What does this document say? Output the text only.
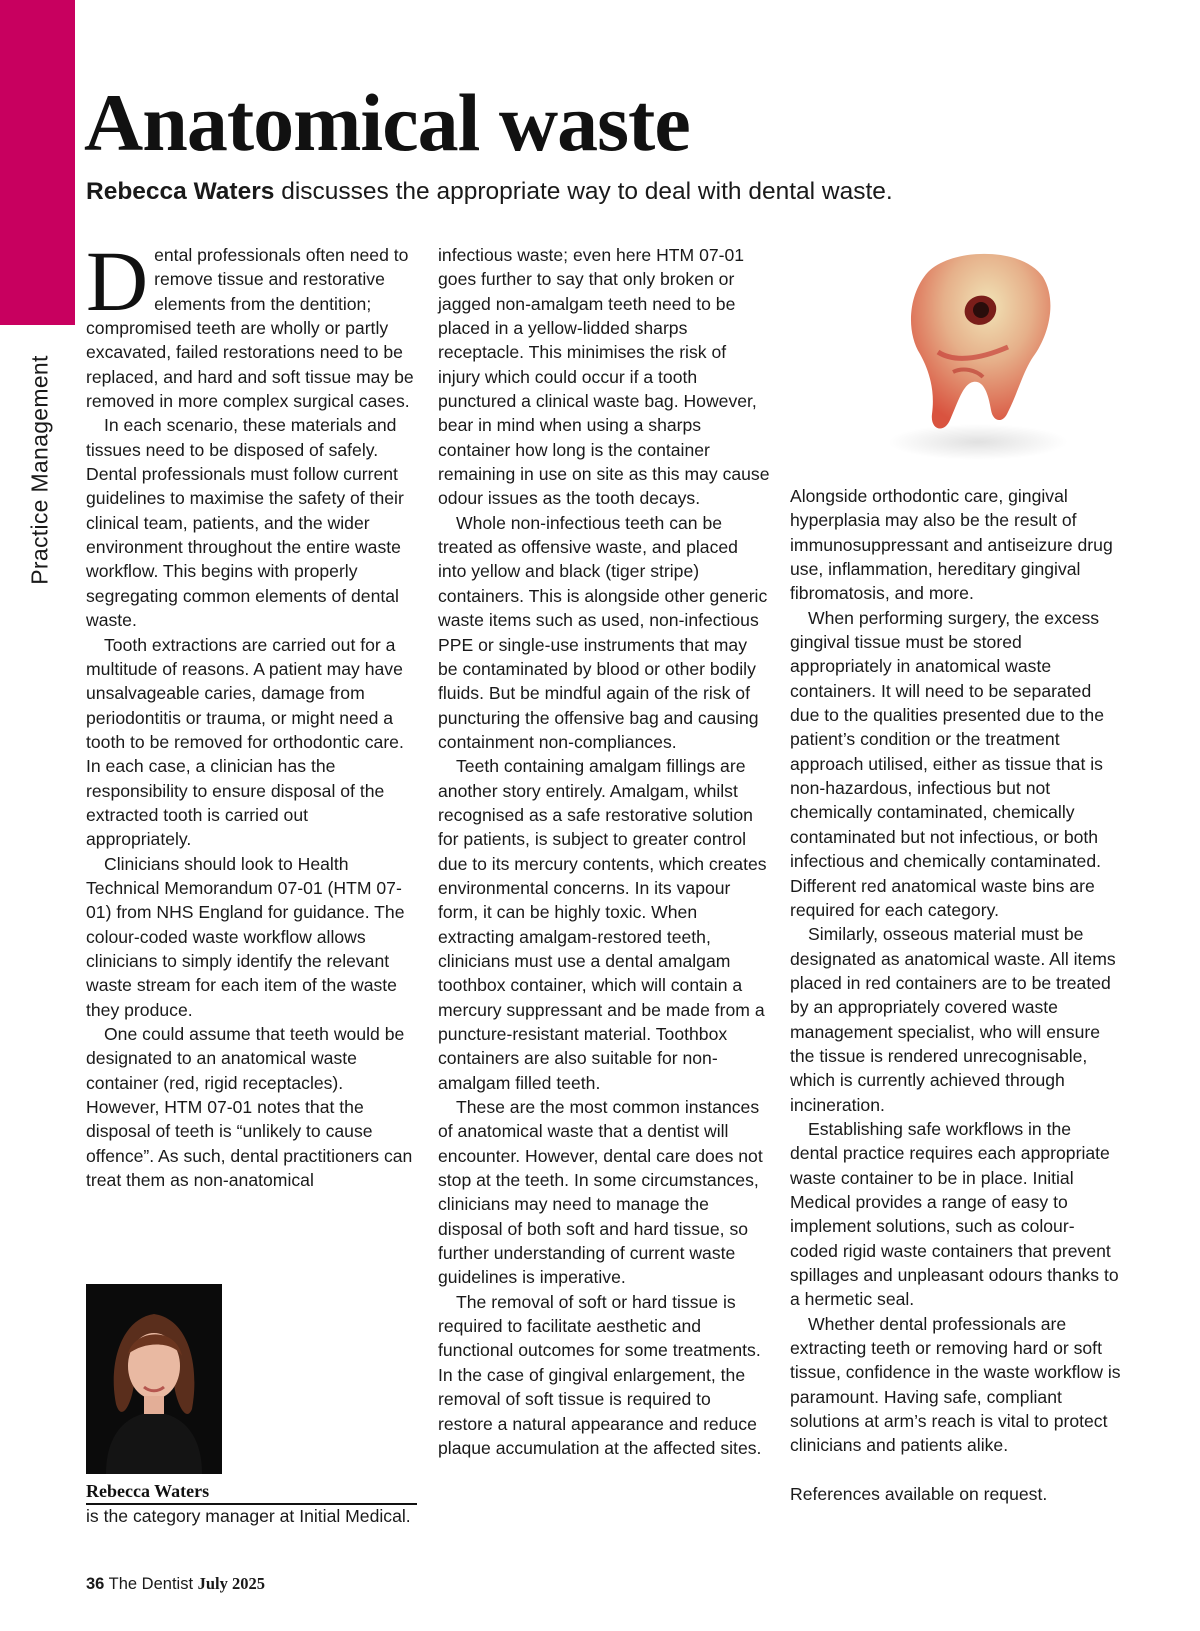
Practice Management
Anatomical waste

Rebecca Waters discusses the appropriate way to deal with dental waste.

Dental professionals often need to remove tissue and restorative elements from the dentition; compromised teeth are wholly or partly excavated, failed restorations need to be replaced, and hard and soft tissue may be removed in more complex surgical cases.

In each scenario, these materials and tissues need to be disposed of safely. Dental professionals must follow current guidelines to maximise the safety of their clinical team, patients, and the wider environment throughout the entire waste workflow. This begins with properly segregating common elements of dental waste.

Tooth extractions are carried out for a multitude of reasons. A patient may have unsalvageable caries, damage from periodontitis or trauma, or might need a tooth to be removed for orthodontic care. In each case, a clinician has the responsibility to ensure disposal of the extracted tooth is carried out appropriately.

Clinicians should look to Health Technical Memorandum 07-01 (HTM 07-01) from NHS England for guidance. The colour-coded waste workflow allows clinicians to simply identify the relevant waste stream for each item of the waste they produce.

One could assume that teeth would be designated to an anatomical waste container (red, rigid receptacles). However, HTM 07-01 notes that the disposal of teeth is “unlikely to cause offence”. As such, dental practitioners can treat them as non-anatomical

infectious waste; even here HTM 07-01 goes further to say that only broken or jagged non-amalgam teeth need to be placed in a yellow-lidded sharps receptacle. This minimises the risk of injury which could occur if a tooth punctured a clinical waste bag. However, bear in mind when using a sharps container how long is the container remaining in use on site as this may cause odour issues as the tooth decays.

Whole non-infectious teeth can be treated as offensive waste, and placed into yellow and black (tiger stripe) containers. This is alongside other generic waste items such as used, non-infectious PPE or single-use instruments that may be contaminated by blood or other bodily fluids. But be mindful again of the risk of puncturing the offensive bag and causing containment non-compliances.

Teeth containing amalgam fillings are another story entirely. Amalgam, whilst recognised as a safe restorative solution for patients, is subject to greater control due to its mercury contents, which creates environmental concerns. In its vapour form, it can be highly toxic. When extracting amalgam-restored teeth, clinicians must use a dental amalgam toothbox container, which will contain a mercury suppressant and be made from a puncture-resistant material. Toothbox containers are also suitable for non-amalgam filled teeth.

These are the most common instances of anatomical waste that a dentist will encounter. However, dental care does not stop at the teeth. In some circumstances, clinicians may need to manage the disposal of both soft and hard tissue, so further understanding of current waste guidelines is imperative.

The removal of soft or hard tissue is required to facilitate aesthetic and functional outcomes for some treatments. In the case of gingival enlargement, the removal of soft tissue is required to restore a natural appearance and reduce plaque accumulation at the affected sites.

Alongside orthodontic care, gingival hyperplasia may also be the result of immunosuppressant and antiseizure drug use, inflammation, hereditary gingival fibromatosis, and more.

When performing surgery, the excess gingival tissue must be stored appropriately in anatomical waste containers. It will need to be separated due to the qualities presented due to the patient’s condition or the treatment approach utilised, either as tissue that is non-hazardous, infectious but not chemically contaminated, chemically contaminated but not infectious, or both infectious and chemically contaminated. Different red anatomical waste bins are required for each category.

Similarly, osseous material must be designated as anatomical waste. All items placed in red containers are to be treated by an appropriately covered waste management specialist, who will ensure the tissue is rendered unrecognisable, which is currently achieved through incineration.

Establishing safe workflows in the dental practice requires each appropriate waste container to be in place. Initial Medical provides a range of easy to implement solutions, such as colour-coded rigid waste containers that prevent spillages and unpleasant odours thanks to a hermetic seal.

Whether dental professionals are extracting teeth or removing hard or soft tissue, confidence in the waste workflow is paramount. Having safe, compliant solutions at arm’s reach is vital to protect clinicians and patients alike.

References available on request.

Rebecca Waters
is the category manager at Initial Medical.
36 The Dentist July 2025
